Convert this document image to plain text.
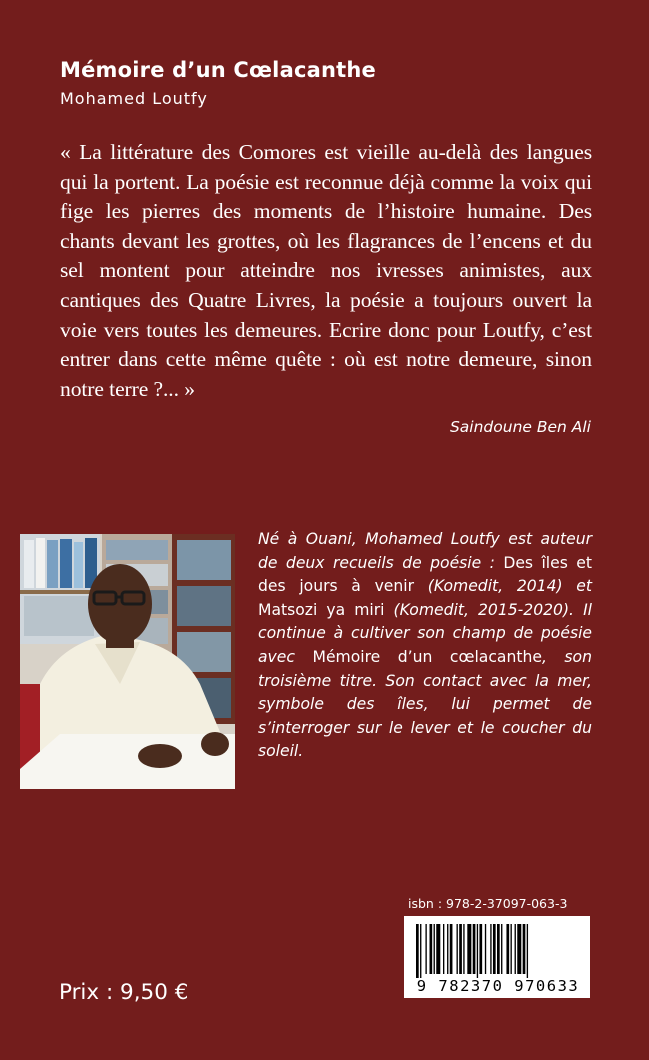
Mémoire d’un Cœlacanthe
Mohamed Loutfy
« La littérature des Comores est vieille au-delà des langues qui la portent. La poésie est reconnue déjà comme la voix qui fige les pierres des moments de l’histoire humaine. Des chants devant les grottes, où les flagrances de l’encens et du sel montent pour atteindre nos ivresses animistes, aux cantiques des Quatre Livres, la poésie a toujours ouvert la voie vers toutes les demeures. Ecrire donc pour Loutfy, c’est entrer dans cette même quête : où est notre demeure, sinon notre terre ?... »
Saindoune Ben Ali
Né à Ouani, Mohamed Loutfy est auteur de deux recueils de poésie : Des îles et des jours à venir (Komedit, 2014) et Matsozi ya miri (Komedit, 2015-2020). Il continue à cultiver son champ de poésie avec Mémoire d’un cœlacanthe, son troisième titre. Son contact avec la mer, symbole des îles, lui permet de s’interroger sur le lever et le coucher du soleil.
isbn : 978-2-37097-063-3
9 782370 970633
Prix : 9,50 €
